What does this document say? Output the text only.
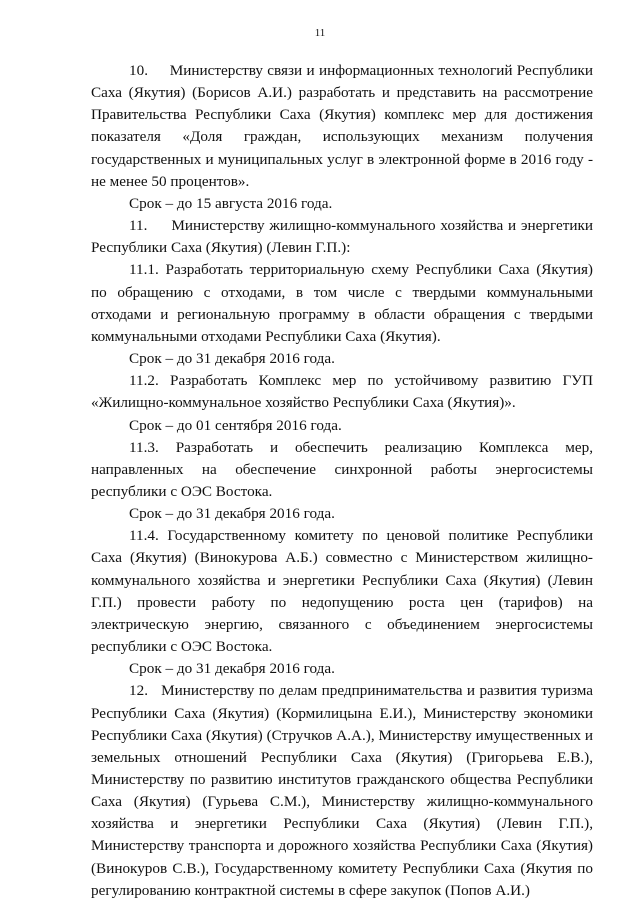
11

10.     Министерству связи и информационных технологий Республики Саха (Якутия) (Борисов А.И.) разработать и представить на рассмотрение Правительства Республики Саха (Якутия) комплекс мер для достижения показателя «Доля граждан, использующих механизм получения государственных и муниципальных услуг в электронной форме в 2016 году - не менее 50 процентов».

Срок – до 15 августа 2016 года.

11.     Министерству жилищно-коммунального хозяйства и энергетики Республики Саха (Якутия) (Левин Г.П.):

11.1. Разработать территориальную схему Республики Саха (Якутия) по обращению с отходами, в том числе с твердыми коммунальными отходами и региональную программу в области обращения с твердыми коммунальными отходами Республики Саха (Якутия).

Срок – до 31 декабря 2016 года.

11.2. Разработать Комплекс мер по устойчивому развитию ГУП «Жилищно-коммунальное хозяйство Республики Саха (Якутия)».

Срок – до 01 сентября 2016 года.

11.3. Разработать и обеспечить реализацию Комплекса мер, направленных на обеспечение синхронной работы энергосистемы республики с ОЭС Востока.

Срок – до 31 декабря 2016 года.

11.4. Государственному комитету по ценовой политике Республики Саха (Якутия) (Винокурова А.Б.) совместно с Министерством жилищно-коммунального хозяйства и энергетики Республики Саха (Якутия) (Левин Г.П.) провести работу по недопущению роста цен (тарифов) на электрическую энергию, связанного с объединением энергосистемы республики с ОЭС Востока.

Срок – до 31 декабря 2016 года.

12.   Министерству по делам предпринимательства и развития туризма Республики Саха (Якутия) (Кормилицына Е.И.), Министерству экономики Республики Саха (Якутия) (Стручков А.А.), Министерству имущественных и земельных отношений Республики Саха (Якутия) (Григорьева Е.В.), Министерству по развитию институтов гражданского общества Республики Саха (Якутия) (Гурьева С.М.), Министерству жилищно-коммунального хозяйства и энергетики Республики Саха (Якутия) (Левин Г.П.), Министерству транспорта и дорожного хозяйства Республики Саха (Якутия) (Винокуров С.В.), Государственному комитету Республики Саха (Якутия по регулированию контрактной системы в сфере закупок (Попов А.И.)
